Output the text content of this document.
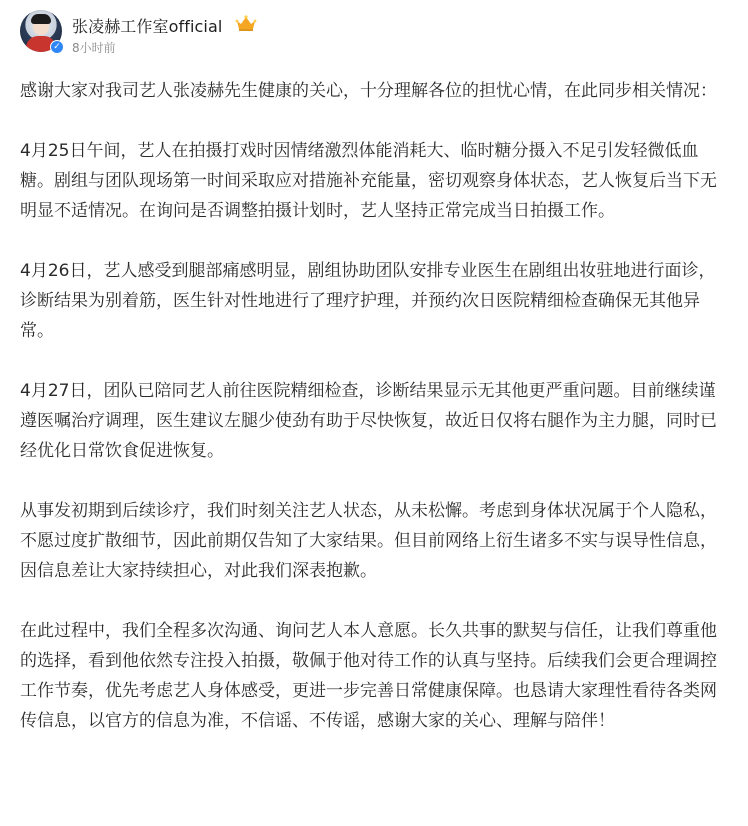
✓
张凌赫工作室official
8小时前

感谢大家对我司艺人张凌赫先生健康的关心，十分理解各位的担忧心情，在此同步相关情况：

4月25日午间，艺人在拍摄打戏时因情绪激烈体能消耗大、临时糖分摄入不足引发轻微低血糖。剧组与团队现场第一时间采取应对措施补充能量，密切观察身体状态，艺人恢复后当下无明显不适情况。在询问是否调整拍摄计划时，艺人坚持正常完成当日拍摄工作。

4月26日，艺人感受到腿部痛感明显，剧组协助团队安排专业医生在剧组出妆驻地进行面诊，诊断结果为别着筋，医生针对性地进行了理疗护理，并预约次日医院精细检查确保无其他异常。

4月27日，团队已陪同艺人前往医院精细检查，诊断结果显示无其他更严重问题。目前继续谨遵医嘱治疗调理，医生建议左腿少使劲有助于尽快恢复，故近日仅将右腿作为主力腿，同时已经优化日常饮食促进恢复。

从事发初期到后续诊疗，我们时刻关注艺人状态，从未松懈。考虑到身体状况属于个人隐私，不愿过度扩散细节，因此前期仅告知了大家结果。但目前网络上衍生诸多不实与误导性信息，因信息差让大家持续担心，对此我们深表抱歉。

在此过程中，我们全程多次沟通、询问艺人本人意愿。长久共事的默契与信任，让我们尊重他的选择，看到他依然专注投入拍摄，敬佩于他对待工作的认真与坚持。后续我们会更合理调控工作节奏，优先考虑艺人身体感受，更进一步完善日常健康保障。也恳请大家理性看待各类网传信息，以官方的信息为准，不信谣、不传谣，感谢大家的关心、理解与陪伴！
